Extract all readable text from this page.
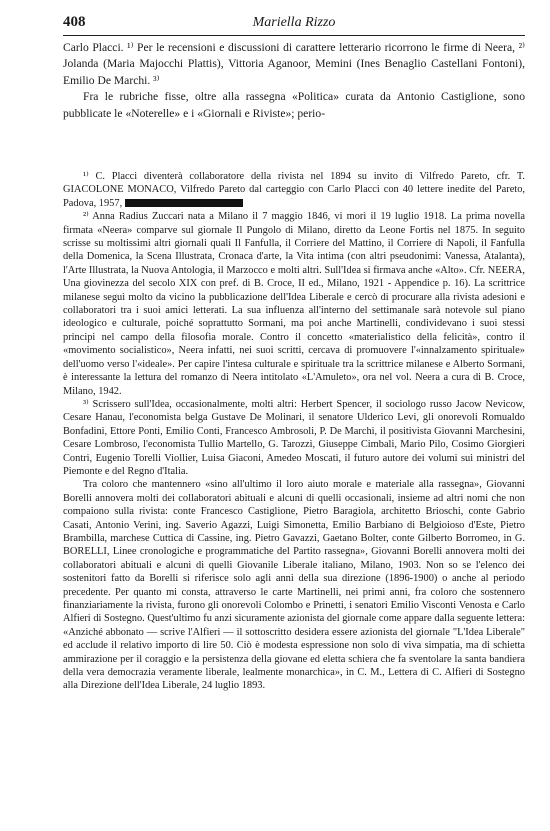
408	Mariella Rizzo

Carlo Placci. ¹⁾ Per le recensioni e discussioni di carattere letterario ricorrono le firme di Neera, ²⁾ Jolanda (Maria Majocchi Plattis), Vittoria Aganoor, Memini (Ines Benaglio Castellani Fontoni), Emilio De Marchi. ³⁾

Fra le rubriche fisse, oltre alla rassegna «Politica» curata da Antonio Castiglione, sono pubblicate le «Noterelle» e i «Giornali e Riviste»; perio-

¹⁾ C. Placci diventerà collaboratore della rivista nel 1894 su invito di Vilfredo Pareto, cfr. T. GIACOLONE MONACO, Vilfredo Pareto dal carteggio con Carlo Placci con 40 lettere inedite del Pareto, Padova, 1957,

²⁾ Anna Radius Zuccari nata a Milano il 7 maggio 1846, vi morì il 19 luglio 1918. La prima novella firmata «Neera» comparve sul giornale Il Pungolo di Milano, diretto da Leone Fortis nel 1875. In seguito scrisse su moltissimi altri giornali quali Il Fanfulla, il Corriere del Mattino, il Corriere di Napoli, il Fanfulla della Domenica, la Scena Illustrata, Cronaca d'arte, la Vita intima (con altri pseudonimi: Vanessa, Atalanta), l'Arte Illustrata, la Nuova Antologia, il Marzocco e molti altri. Sull'Idea si firmava anche «Alto». Cfr. NEERA, Una giovinezza del secolo XIX con pref. di B. Croce, II ed., Milano, 1921 - Appendice p. 16). La scrittrice milanese seguì molto da vicino la pubblicazione dell'Idea Liberale e cercò di procurare alla rivista adesioni e collaboratori tra i suoi amici letterati. La sua influenza all'interno del settimanale sarà notevole sul piano ideologico e culturale, poiché soprattutto Sormani, ma poi anche Martinelli, condividevano i suoi stessi principi nel campo della filosofia morale. Contro il concetto «materialistico della felicità», contro il «movimento socialistico», Neera infatti, nei suoi scritti, cercava di promuovere l'«innalzamento spirituale» dell'uomo verso l'«ideale». Per capire l'intesa culturale e spirituale tra la scrittrice milanese e Alberto Sormani, è interessante la lettura del romanzo di Neera intitolato «L'Amuleto», ora nel vol. Neera a cura di B. Croce, Milano, 1942.

³⁾ Scrissero sull'Idea, occasionalmente, molti altri: Herbert Spencer, il sociologo russo Jacow Nevicow, Cesare Hanau, l'economista belga Gustave De Molinari, il senatore Ulderico Levi, gli onorevoli Romualdo Bonfadini, Ettore Ponti, Emilio Conti, Francesco Ambrosoli, P. De Marchi, il positivista Giovanni Marchesini, Cesare Lombroso, l'economista Tullio Martello, G. Tarozzi, Giuseppe Cimbali, Mario Pilo, Cosimo Giorgieri Contri, Eugenio Torelli Viollier, Luisa Giaconi, Amedeo Moscati, il futuro autore dei volumi sui ministri del Piemonte e del Regno d'Italia.

Tra coloro che mantennero «sino all'ultimo il loro aiuto morale e materiale alla rassegna», Giovanni Borelli annovera molti dei collaboratori abituali e alcuni di quelli occasionali, insieme ad altri nomi che non compaiono sulla rivista: conte Francesco Castiglione, Pietro Baragiola, architetto Brioschi, conte Gabrio Casati, Antonio Verini, ing. Saverio Agazzi, Luigi Simonetta, Emilio Barbiano di Belgioioso d'Este, Pietro Brambilla, marchese Cuttica di Cassine, ing. Pietro Gavazzi, Gaetano Bolter, conte Gilberto Borromeo, in G. BORELLI, Linee cronologiche e programmatiche del Partito rassegna», Giovanni Borelli annovera molti dei collaboratori abituali e alcuni di quelli Giovanile Liberale italiano, Milano, 1903. Non so se l'elenco dei sostenitori fatto da Borelli si riferisce solo agli anni della sua direzione (1896-1900) o anche al periodo precedente. Per quanto mi consta, attraverso le carte Martinelli, nei primi anni, fra coloro che sostennero finanziariamente la rivista, furono gli onorevoli Colombo e Prinetti, i senatori Emilio Visconti Venosta e Carlo Alfieri di Sostegno. Quest'ultimo fu anzi sicuramente azionista del giornale come appare dalla seguente lettera: «Anziché abbonato — scrive l'Alfieri — il sottoscritto desidera essere azionista del giornale "L'Idea Liberale" ed acclude il relativo importo di lire 50. Ciò è modesta espressione non solo di viva simpatia, ma di schietta ammirazione per il coraggio e la persistenza della giovane ed eletta schiera che fa sventolare la santa bandiera della vera democrazia veramente liberale, lealmente monarchica», in C. M., Lettera di C. Alfieri di Sostegno alla Direzione dell'Idea Liberale, 24 luglio 1893.
